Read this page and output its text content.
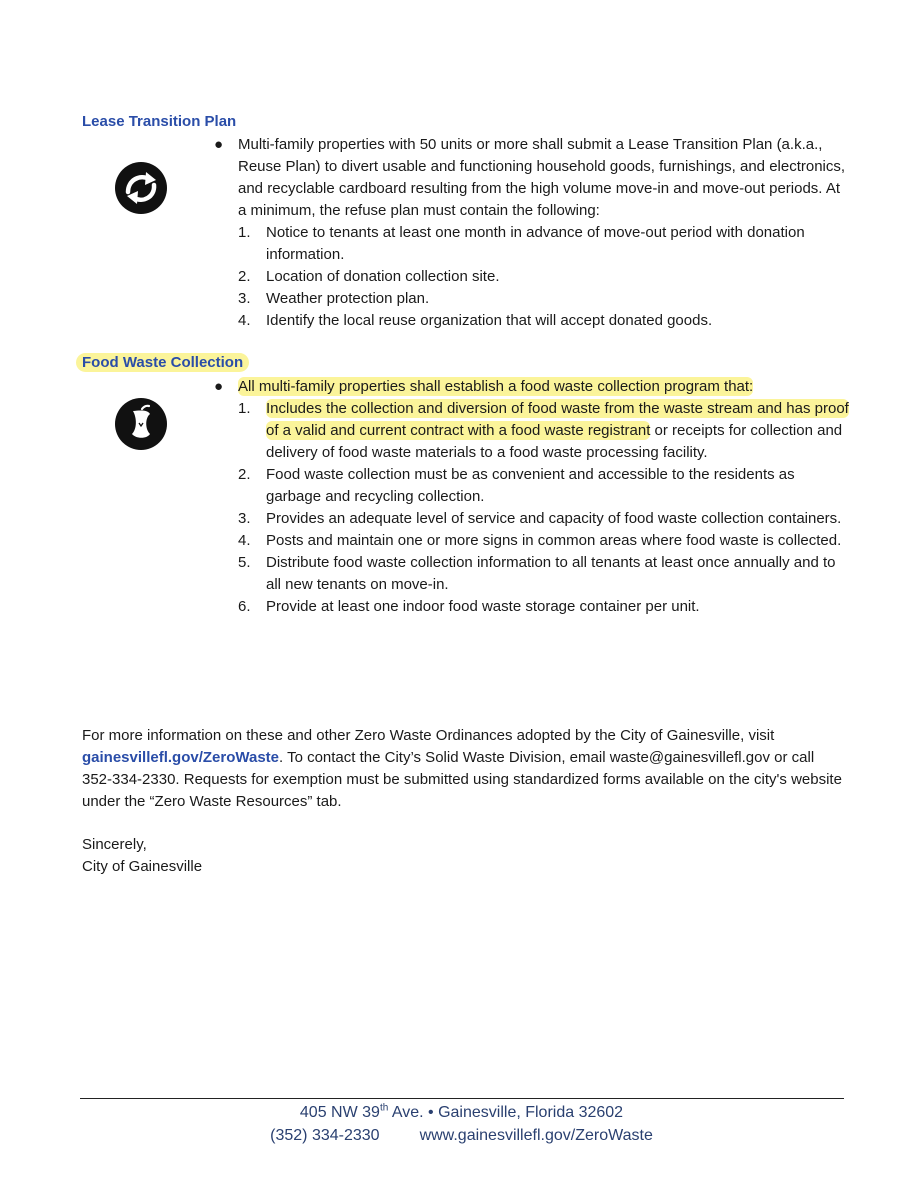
Lease Transition Plan
● Multi-family properties with 50 units or more shall submit a Lease Transition Plan (a.k.a., Reuse Plan) to divert usable and functioning household goods, furnishings, and electronics, and recyclable cardboard resulting from the high volume move-in and move-out periods. At a minimum, the refuse plan must contain the following:
1. Notice to tenants at least one month in advance of move-out period with donation information.
2. Location of donation collection site.
3. Weather protection plan.
4. Identify the local reuse organization that will accept donated goods.
Food Waste Collection
● All multi-family properties shall establish a food waste collection program that:
1. Includes the collection and diversion of food waste from the waste stream and has proof of a valid and current contract with a food waste registrant or receipts for collection and delivery of food waste materials to a food waste processing facility.
2. Food waste collection must be as convenient and accessible to the residents as garbage and recycling collection.
3. Provides an adequate level of service and capacity of food waste collection containers.
4. Posts and maintain one or more signs in common areas where food waste is collected.
5. Distribute food waste collection information to all tenants at least once annually and to all new tenants on move-in.
6. Provide at least one indoor food waste storage container per unit.

For more information on these and other Zero Waste Ordinances adopted by the City of Gainesville, visit gainesvillefl.gov/ZeroWaste. To contact the City’s Solid Waste Division, email waste@gainesvillefl.gov or call 352-334-2330. Requests for exemption must be submitted using standardized forms available on the city's website under the “Zero Waste Resources” tab.

Sincerely,

City of Gainesville

405 NW 39th Ave. • Gainesville, Florida 32602
(352) 334-2330	www.gainesvillefl.gov/ZeroWaste
